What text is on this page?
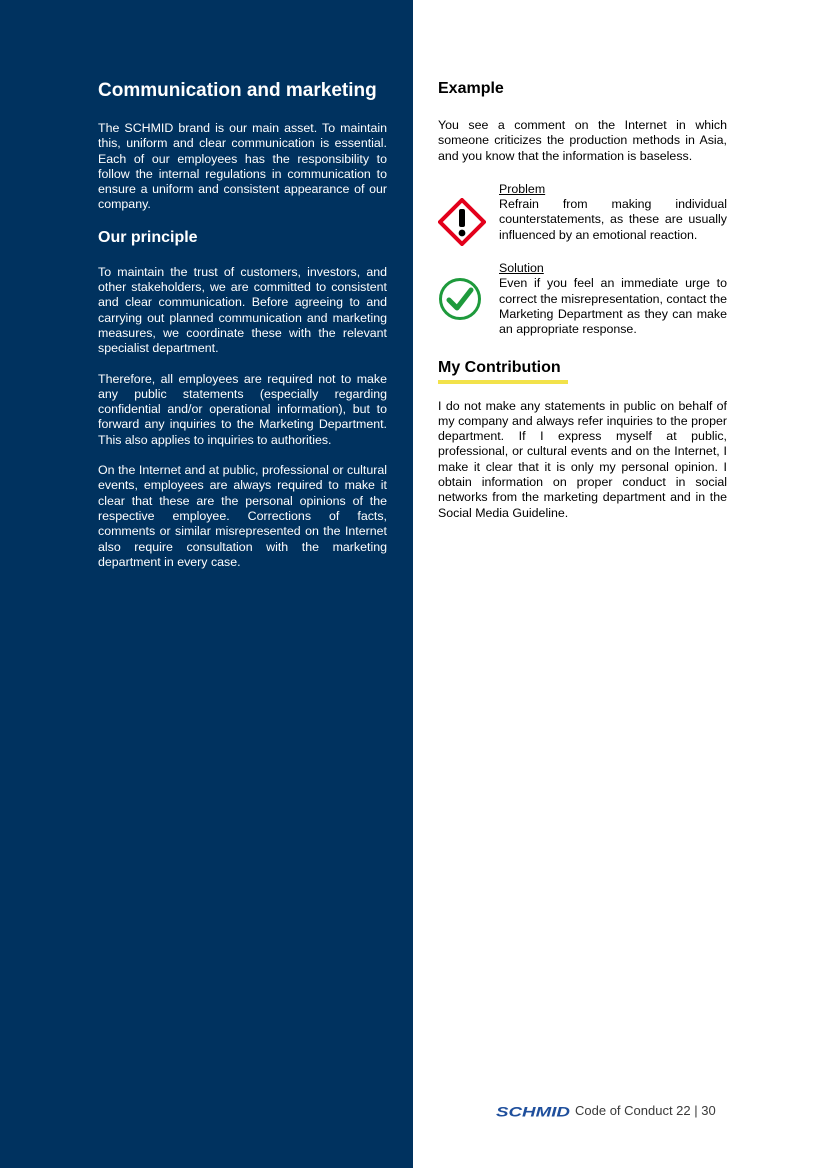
Communication and marketing

The SCHMID brand is our main asset. To maintain this, uniform and clear communication is essential. Each of our employees has the responsibility to follow the internal regulations in communication to ensure a uniform and consistent appearance of our company.

Our principle

To maintain the trust of customers, investors, and other stakeholders, we are committed to consistent and clear communication. Before agreeing to and carrying out planned communication and marketing measures, we coordinate these with the relevant specialist department.

Therefore, all employees are required not to make any public statements (especially regarding confidential and/or operational information), but to forward any inquiries to the Marketing Department. This also applies to inquiries to authorities.

On the Internet and at public, professional or cultural events, employees are always required to make it clear that these are the personal opinions of the respective employee. Corrections of facts, comments or similar misrepresented on the Internet also require consultation with the marketing department in every case.

Example

You see a comment on the Internet in which someone criticizes the production methods in Asia, and you know that the information is baseless.

Problem

Refrain from making individual counterstatements, as these are usually influenced by an emotional reaction.

Solution

Even if you feel an immediate urge to correct the misrepresentation, contact the Marketing Department as they can make an appropriate response.

My Contribution

I do not make any statements in public on behalf of my company and always refer inquiries to the proper department. If I express myself at public, professional, or cultural events and on the Internet, I make it clear that it is only my personal opinion. I obtain information on proper conduct in social networks from the marketing department and in the Social Media Guideline.

SCHMID Code of Conduct 22 | 30
